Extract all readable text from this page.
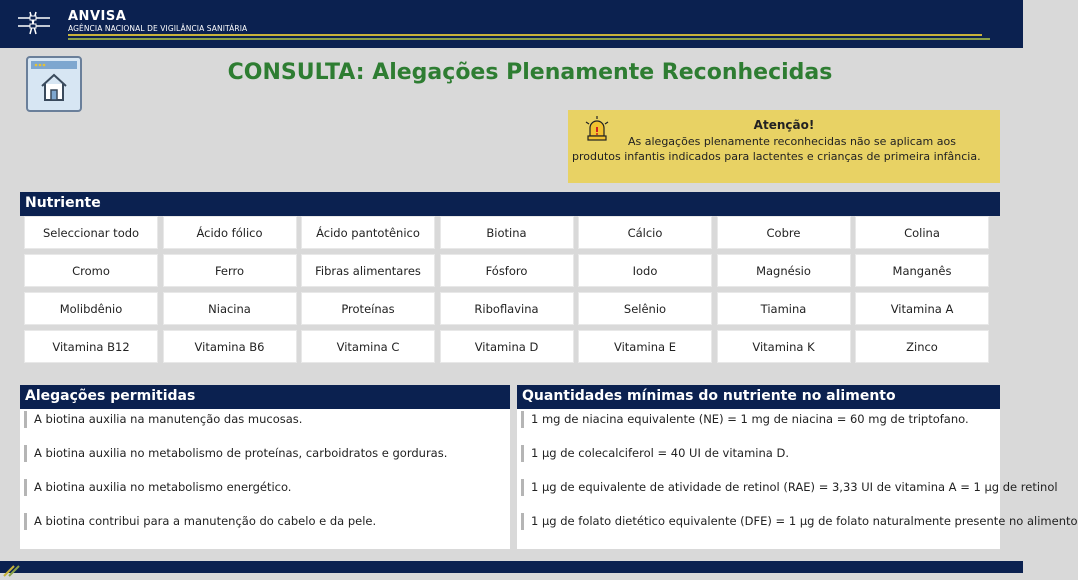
ANVISA
AGÊNCIA NACIONAL DE VIGILÂNCIA SANITÁRIA
CONSULTA: Alegações Plenamente Reconhecidas
Atenção!
As alegações plenamente reconhecidas não se aplicam aos produtos infantis indicados para lactentes e crianças de primeira infância.
Nutriente
Seleccionar todo	Ácido fólico	Ácido pantotênico	Biotina	Cálcio	Cobre	Colina
Cromo	Ferro	Fibras alimentares	Fósforo	Iodo	Magnésio	Manganês
Molibdênio	Niacina	Proteínas	Riboflavina	Selênio	Tiamina	Vitamina A
Vitamina B12	Vitamina B6	Vitamina C	Vitamina D	Vitamina E	Vitamina K	Zinco
Alegações permitidas
A biotina auxilia na manutenção das mucosas.
A biotina auxilia no metabolismo de proteínas, carboidratos e gorduras.
A biotina auxilia no metabolismo energético.
A biotina contribui para a manutenção do cabelo e da pele.
Quantidades mínimas do nutriente no alimento
1 mg de niacina equivalente (NE) = 1 mg de niacina = 60 mg de triptofano.
1 µg de colecalciferol = 40 UI de vitamina D.
1 µg de equivalente de atividade de retinol (RAE) = 3,33 UI de vitamina A = 1 µg de retinol
1 µg de folato dietético equivalente (DFE) = 1 µg de folato naturalmente presente no alimento
